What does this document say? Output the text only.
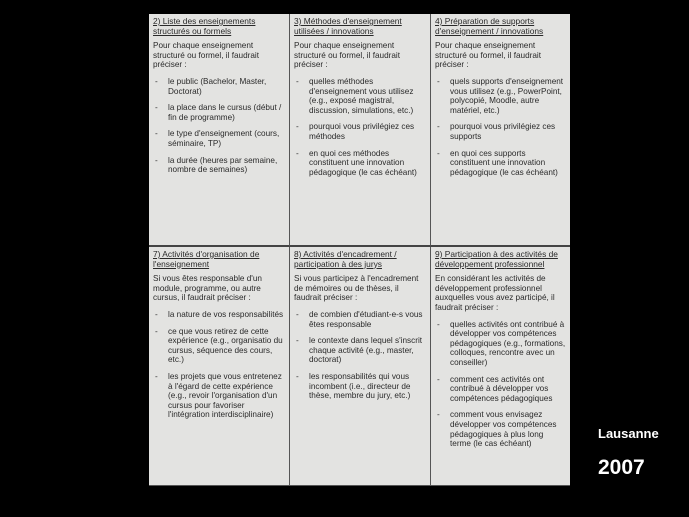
2) Liste des enseignements structurés ou formels
Pour chaque enseignement structuré ou formel, il faudrait préciser :
- le public (Bachelor, Master, Doctorat)
- la place dans le cursus (début / fin de programme)
- le type d'enseignement (cours, séminaire, TP)
- la durée (heures par semaine, nombre de semaines)
3) Méthodes d'enseignement utilisées / innovations
Pour chaque enseignement structuré ou formel, il faudrait préciser :
- quelles méthodes d'enseignement vous utilisez (e.g., exposé magistral, discussion, simulations, etc.)
- pourquoi vous privilégiez ces méthodes
- en quoi ces méthodes constituent une innovation pédagogique (le cas échéant)
4) Préparation de supports d'enseignement / innovations
Pour chaque enseignement structuré ou formel, il faudrait préciser :
- quels supports d'enseignement vous utilisez (e.g., PowerPoint, polycopié, Moodle, autre matériel, etc.)
- pourquoi vous privilégiez ces supports
- en quoi ces supports constituent une innovation pédagogique (le cas échéant)
7) Activités d'organisation de l'enseignement
Si vous êtes responsable d'un module, programme, ou autre cursus, il faudrait préciser :
- la nature de vos responsabilités
- ce que vous retirez de cette expérience (e.g., organisatio du cursus, séquence des cours, etc.)
- les projets que vous entretenez à l'égard de cette expérience (e.g., revoir l'organisation d'un cursus pour favoriser l'intégration interdisciplinaire)
8) Activités d'encadrement / participation à des jurys
Si vous participez à l'encadrement de mémoires ou de thèses, il faudrait préciser :
- de combien d'étudiant-e-s vous êtes responsable
- le contexte dans lequel s'inscrit chaque activité (e.g., master, doctorat)
- les responsabilités qui vous incombent (i.e., directeur de thèse, membre du jury, etc.)
9) Participation à des activités de développement professionnel
En considérant les activités de développement professionnel auxquelles vous avez participé, il faudrait préciser :
- quelles activités ont contribué à développer vos compétences pédagogiques (e.g., formations, colloques, rencontre avec un conseiller)
- comment ces activités ont contribué à développer vos compétences pédagogiques
- comment vous envisagez développer vos compétences pédagogiques à plus long terme (le cas échéant)
Lausanne
2007
